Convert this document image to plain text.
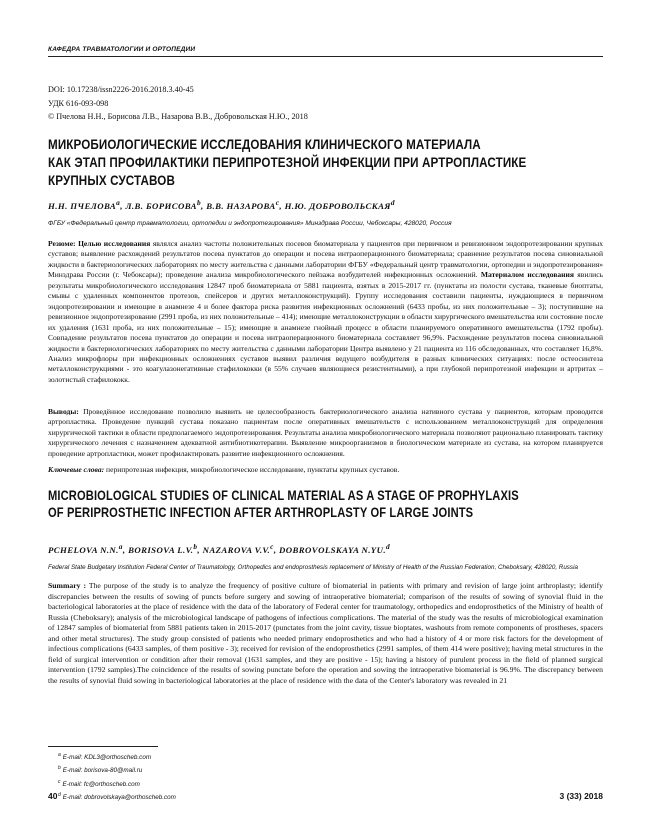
КАФЕДРА ТРАВМАТОЛОГИИ И ОРТОПЕДИИ
DOI: 10.17238/issn2226-2016.2018.3.40-45
УДК 616-093-098
© Пчелова Н.Н., Борисова Л.В., Назарова В.В., Добровольская Н.Ю., 2018
МИКРОБИОЛОГИЧЕСКИЕ ИССЛЕДОВАНИЯ КЛИНИЧЕСКОГО МАТЕРИАЛА
КАК ЭТАП ПРОФИЛАКТИКИ ПЕРИПРОТЕЗНОЙ ИНФЕКЦИИ ПРИ АРТРОПЛАСТИКЕ
КРУПНЫХ СУСТАВОВ
Н.Н. ПЧЕЛОВА$^a$, Л.В. БОРИСОВА$^b$, В.В. НАЗАРОВА$^c$, Н.Ю. ДОБРОВОЛЬСКАЯ$^d$
ФГБУ «Федеральный центр травматологии, ортопедии и эндопротезирования» Минздрава России, Чебоксары, 428020, Россия
Резюме: Целью исследования являлся анализ частоты положительных посевов биоматериала у пациентов при первичном и ревизионном эндопротезировании крупных суставов; выявление расхождений результатов посева пунктатов до операции и посева интраоперационного биоматериала; сравнение результатов посева синовиальной жидкости в бактериологических лабораториях по месту жительства с данными лаборатории ФГБУ «Федеральный центр травматологии, ортопедии и эндопротезирования» Минздрава России (г. Чебоксары); проведение анализа микробиологического пейзажа возбудителей инфекционных осложнений. Материалом исследования явились результаты микробиологического исследования 12847 проб биоматериала от 5881 пациента, взятых в 2015-2017 гг. (пунктаты из полости сустава, тканевые биоптаты, смывы с удаленных компонентов протезов, спейсеров и других металлоконструкций). Группу исследования составили пациенты, нуждающиеся в первичном эндопротезировании и имеющие в анамнезе 4 и более фактора риска развития инфекционных осложнений (6433 пробы, из них положительные – 3); поступившие на ревизионное эндопротезирование (2991 проба, из них положительные – 414); имеющие металлоконструкции в области хирургического вмешательства или состояние после их удаления (1631 проба, из них положительные – 15); имеющие в анамнезе гнойный процесс в области планируемого оперативного вмешательства (1792 пробы). Совпадение результатов посева пунктатов до операции и посева интраоперационного биоматериала составляет 96,9%. Расхождение результатов посева синовиальной жидкости в бактериологических лабораториях по месту жительства с данными лаборатории Центра выявлено у 21 пациента из 116 обследованных, что составляет 16,8%. Анализ микрофлоры при инфекционных осложнениях суставов выявил различия ведущего возбудителя в разных клинических ситуациях: после остеосинтеза металлоконструкциями - это коагулазонегативные стафилококки (в 55% случаев являющиеся резистентными), а при глубокой перипротезной инфекции и артритах – золотистый стафилококк.
Выводы: Проведённое исследование позволило выявить не целесообразность бактериологического анализа нативного сустава у пациентов, которым проводится артропластика. Проведение пункций сустава показано пациентам после оперативных вмешательств с использованием металлоконструкций для определения хирургической тактики в области предполагаемого эндопротезирования. Результаты анализа микробиологического материала позволяют рационально планировать тактику хирургического лечения с назначением адекватной антибиотикотерапии. Выявление микроорганизмов в биологическом материале из сустава, на котором планируется проведение артропластики, может профилактировать развитие инфекционного осложнения.
Ключевые слова: перипротезная инфекция, микробиологическое исследование, пунктаты крупных суставов.
MICROBIOLOGICAL STUDIES OF CLINICAL MATERIAL AS A STAGE OF PROPHYLAXIS
OF PERIPROSTHETIC INFECTION AFTER ARTHROPLASTY OF LARGE JOINTS
PCHELOVA N.N.$^a$, BORISOVA L.V.$^b$, NAZAROVA V.V.$^c$, DOBROVOLSKAYA N.YU.$^d$
Federal State Budgetary Institution Federal Center of Traumatology, Orthopedics and endoprosthesis replacement of Ministry of Health of the Russian Federation, Cheboksary, 428020, Russia
Summary : The purpose of the study is to analyze the frequency of positive culture of biomaterial in patients with primary and revision of large joint arthroplasty; identify discrepancies between the results of sowing of puncts before surgery and sowing of intraoperative biomaterial; comparison of the results of sowing of synovial fluid in the bacteriological laboratories at the place of residence with the data of the laboratory of Federal center for traumatology, orthopedics and endoprosthetics of the Ministry of health of Russia (Cheboksary); analysis of the microbiological landscape of pathogens of infectious complications. The material of the study was the results of microbiological examination of 12847 samples of biomaterial from 5881 patients taken in 2015-2017 (punctates from the joint cavity, tissue bioptates, washouts from remote components of prostheses, spacers and other metal structures). The study group consisted of patients who needed primary endoprosthetics and who had a history of 4 or more risk factors for the development of infectious complications (6433 samples, of them positive - 3); received for revision of the endoprosthetics (2991 samples, of them 414 were positive); having metal structures in the field of surgical intervention or condition after their removal (1631 samples, and they are positive - 15); having a history of purulent process in the field of planned surgical intervention (1792 samples).The coincidence of the results of sowing punctate before the operation and sowing the intraoperative biomaterial is 96.9%. The discrepancy between the results of synovial fluid sowing in bacteriological laboratories at the place of residence with the data of the Center's laboratory was revealed in 21
$^a$ E-mail: KDL3@orthoscheb.com
$^b$ E-mail: borisova-80@mail.ru
$^c$ E-mail: fc@orthoscheb.com
$^d$ E-mail: dobrovolskaya@orthoscheb.com
40	3 (33) 2018
